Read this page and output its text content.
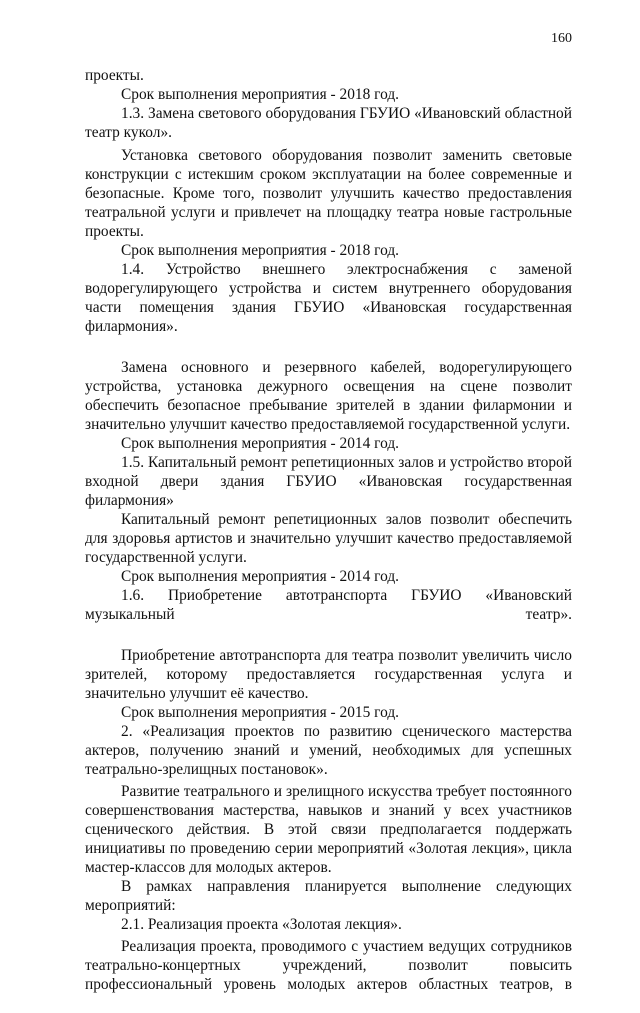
160

проекты.

Срок выполнения мероприятия - 2018 год.

1.3. Замена светового оборудования ГБУИО «Ивановский областной театр кукол».

Установка светового оборудования позволит заменить световые конструкции с истекшим сроком эксплуатации на более современные и безопасные. Кроме того, позволит улучшить качество предоставления театральной услуги и привлечет на площадку театра новые гастрольные проекты.

Срок выполнения мероприятия - 2018 год.

1.4. Устройство внешнего электроснабжения с заменой водорегулирующего устройства и систем внутреннего оборудования части помещения здания ГБУИО «Ивановская государственная филармония».

Замена основного и резервного кабелей, водорегулирующего устройства, установка дежурного освещения на сцене позволит обеспечить безопасное пребывание зрителей в здании филармонии и значительно улучшит качество предоставляемой государственной услуги.

Срок выполнения мероприятия - 2014 год.

1.5. Капитальный ремонт репетиционных залов и устройство второй входной двери здания ГБУИО «Ивановская государственная филармония»

Капитальный ремонт репетиционных залов позволит обеспечить для здоровья артистов и значительно улучшит качество предоставляемой государственной услуги.

Срок выполнения мероприятия - 2014 год.

1.6. Приобретение автотранспорта ГБУИО «Ивановский музыкальный театр».

Приобретение автотранспорта для театра позволит увеличить число зрителей, которому предоставляется государственная услуга и значительно улучшит её качество.

Срок выполнения мероприятия - 2015 год.

2. «Реализация проектов по развитию сценического мастерства актеров, получению знаний и умений, необходимых для успешных театрально-зрелищных постановок».

Развитие театрального и зрелищного искусства требует постоянного совершенствования мастерства, навыков и знаний у всех участников сценического действия. В этой связи предполагается поддержать инициативы по проведению серии мероприятий «Золотая лекция», цикла мастер-классов для молодых актеров.

В рамках направления планируется выполнение следующих мероприятий:

2.1. Реализация проекта «Золотая лекция».

Реализация проекта, проводимого с участием ведущих сотрудников театрально-концертных учреждений, позволит повысить профессиональный уровень молодых актеров областных театров, в
